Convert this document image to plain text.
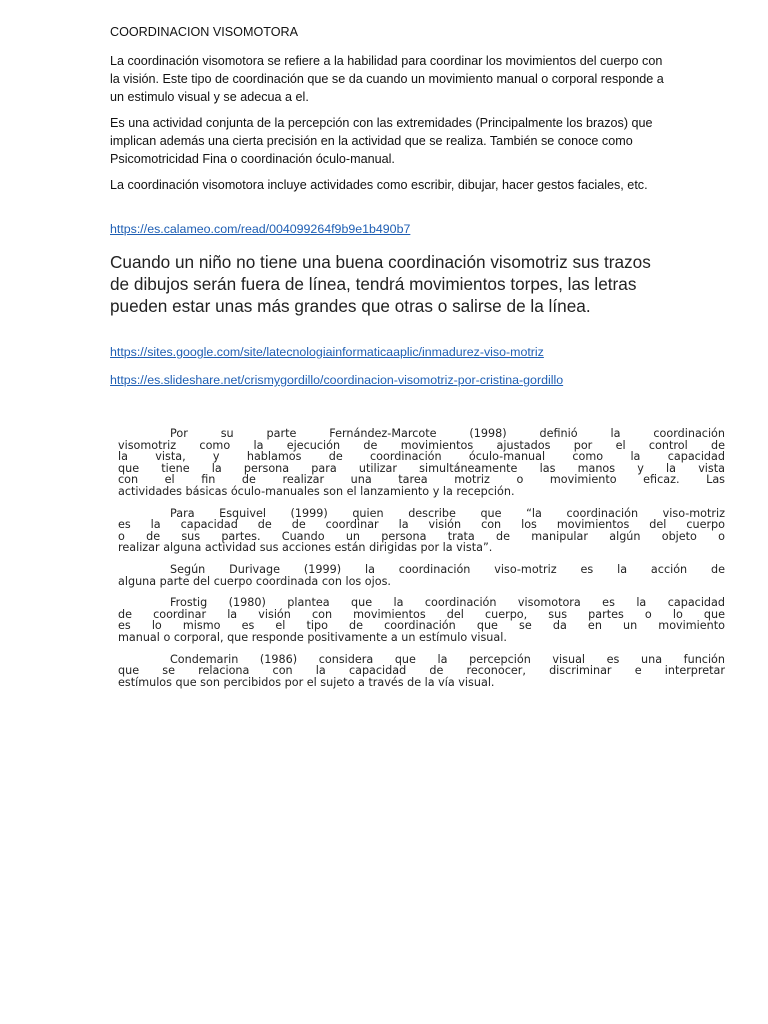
COORDINACION VISOMOTORA

La coordinación visomotora se refiere a la habilidad para coordinar los movimientos del cuerpo con la visión. Este tipo de coordinación que se da cuando un movimiento manual o corporal responde a un estimulo visual y se adecua a el.

Es una actividad conjunta de la percepción con las extremidades (Principalmente los brazos) que implican además una cierta precisión en la actividad que se realiza. También se conoce como Psicomotricidad Fina o coordinación óculo-manual.

La coordinación visomotora incluye actividades como escribir, dibujar, hacer gestos faciales, etc.

https://es.calameo.com/read/004099264f9b9e1b490b7
Cuando un niño no tiene una buena coordinación visomotriz sus trazos de dibujos serán fuera de línea, tendrá movimientos torpes, las letras pueden estar unas más grandes que otras o salirse de la línea.
https://sites.google.com/site/latecnologiainformaticaaplic/inmadurez-viso-motriz
https://es.slideshare.net/crismygordillo/coordinacion-visomotriz-por-cristina-gordillo
Por su parte Fernández-Marcote (1998) definió la coordinación
visomotriz como la ejecución de movimientos ajustados por el control de
la vista, y hablamos de coordinación óculo-manual como la capacidad
que tiene la persona para utilizar simultáneamente las manos y la vista
con el fin de realizar una tarea motriz o movimiento eficaz. Las
actividades básicas óculo-manuales son el lanzamiento y la recepción.
Para Esquivel (1999) quien describe que “la coordinación viso-motriz
es la capacidad de de coordinar la visión con los movimientos del cuerpo
o de sus partes. Cuando un persona trata de manipular algún objeto o
realizar alguna actividad sus acciones están dirigidas por la vista”.
Según Durivage (1999) la coordinación viso-motriz es la acción de
alguna parte del cuerpo coordinada con los ojos.
Frostig (1980) plantea que la coordinación visomotora es la capacidad
de coordinar la visión con movimientos del cuerpo, sus partes o lo que
es lo mismo es el tipo de coordinación que se da en un movimiento
manual o corporal, que responde positivamente a un estímulo visual.
Condemarin (1986) considera que la percepción visual es una función
que se relaciona con la capacidad de reconocer, discriminar e interpretar
estímulos que son percibidos por el sujeto a través de la vía visual.
